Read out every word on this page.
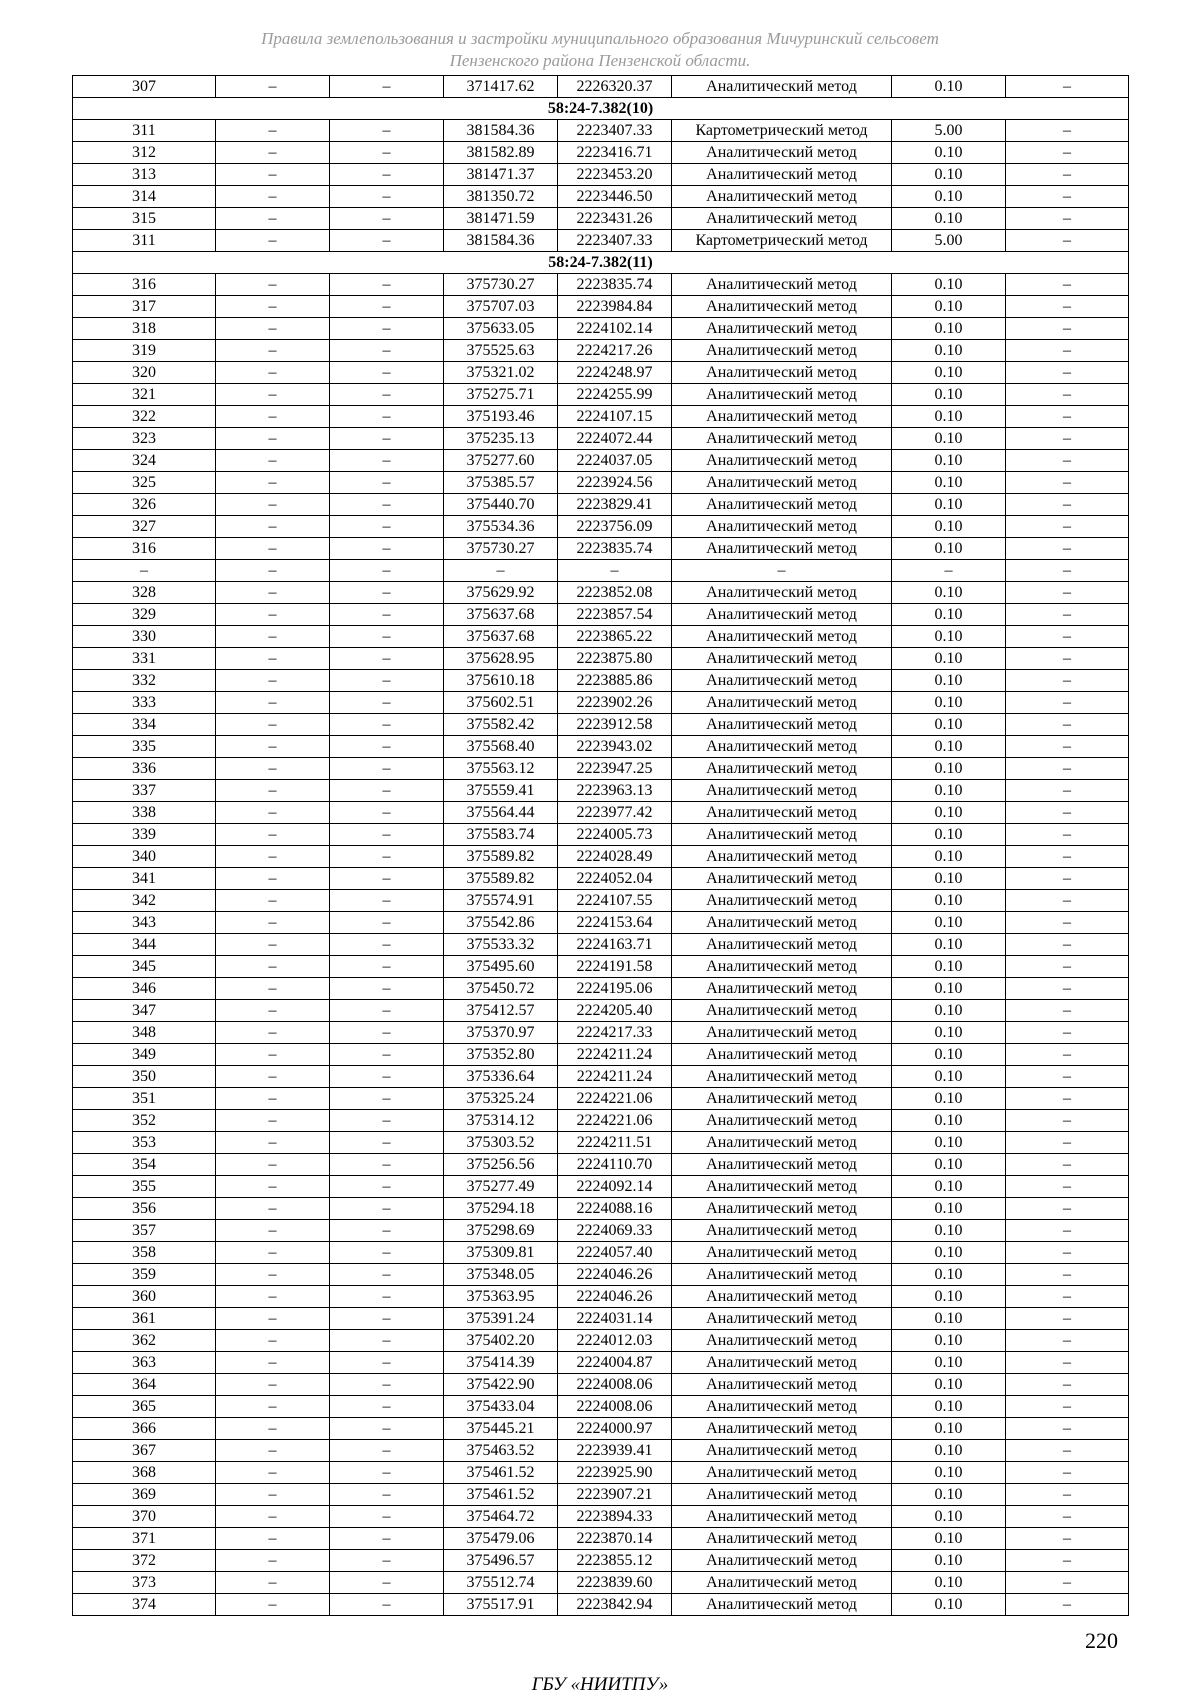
Правила землепользования и застройки муниципального образования Мичуринский сельсовет
Пензенского района Пензенской области.
307	–	–	371417.62	2226320.37	Аналитический метод	0.10	–
58:24-7.382(10)							
311	–	–	381584.36	2223407.33	Картометрический метод	5.00	–
312	–	–	381582.89	2223416.71	Аналитический метод	0.10	–
313	–	–	381471.37	2223453.20	Аналитический метод	0.10	–
314	–	–	381350.72	2223446.50	Аналитический метод	0.10	–
315	–	–	381471.59	2223431.26	Аналитический метод	0.10	–
311	–	–	381584.36	2223407.33	Картометрический метод	5.00	–
58:24-7.382(11)							
316	–	–	375730.27	2223835.74	Аналитический метод	0.10	–
317	–	–	375707.03	2223984.84	Аналитический метод	0.10	–
318	–	–	375633.05	2224102.14	Аналитический метод	0.10	–
319	–	–	375525.63	2224217.26	Аналитический метод	0.10	–
320	–	–	375321.02	2224248.97	Аналитический метод	0.10	–
321	–	–	375275.71	2224255.99	Аналитический метод	0.10	–
322	–	–	375193.46	2224107.15	Аналитический метод	0.10	–
323	–	–	375235.13	2224072.44	Аналитический метод	0.10	–
324	–	–	375277.60	2224037.05	Аналитический метод	0.10	–
325	–	–	375385.57	2223924.56	Аналитический метод	0.10	–
326	–	–	375440.70	2223829.41	Аналитический метод	0.10	–
327	–	–	375534.36	2223756.09	Аналитический метод	0.10	–
316	–	–	375730.27	2223835.74	Аналитический метод	0.10	–
–	–	–	–	–	–	–	–
328	–	–	375629.92	2223852.08	Аналитический метод	0.10	–
329	–	–	375637.68	2223857.54	Аналитический метод	0.10	–
330	–	–	375637.68	2223865.22	Аналитический метод	0.10	–
331	–	–	375628.95	2223875.80	Аналитический метод	0.10	–
332	–	–	375610.18	2223885.86	Аналитический метод	0.10	–
333	–	–	375602.51	2223902.26	Аналитический метод	0.10	–
334	–	–	375582.42	2223912.58	Аналитический метод	0.10	–
335	–	–	375568.40	2223943.02	Аналитический метод	0.10	–
336	–	–	375563.12	2223947.25	Аналитический метод	0.10	–
337	–	–	375559.41	2223963.13	Аналитический метод	0.10	–
338	–	–	375564.44	2223977.42	Аналитический метод	0.10	–
339	–	–	375583.74	2224005.73	Аналитический метод	0.10	–
340	–	–	375589.82	2224028.49	Аналитический метод	0.10	–
341	–	–	375589.82	2224052.04	Аналитический метод	0.10	–
342	–	–	375574.91	2224107.55	Аналитический метод	0.10	–
343	–	–	375542.86	2224153.64	Аналитический метод	0.10	–
344	–	–	375533.32	2224163.71	Аналитический метод	0.10	–
345	–	–	375495.60	2224191.58	Аналитический метод	0.10	–
346	–	–	375450.72	2224195.06	Аналитический метод	0.10	–
347	–	–	375412.57	2224205.40	Аналитический метод	0.10	–
348	–	–	375370.97	2224217.33	Аналитический метод	0.10	–
349	–	–	375352.80	2224211.24	Аналитический метод	0.10	–
350	–	–	375336.64	2224211.24	Аналитический метод	0.10	–
351	–	–	375325.24	2224221.06	Аналитический метод	0.10	–
352	–	–	375314.12	2224221.06	Аналитический метод	0.10	–
353	–	–	375303.52	2224211.51	Аналитический метод	0.10	–
354	–	–	375256.56	2224110.70	Аналитический метод	0.10	–
355	–	–	375277.49	2224092.14	Аналитический метод	0.10	–
356	–	–	375294.18	2224088.16	Аналитический метод	0.10	–
357	–	–	375298.69	2224069.33	Аналитический метод	0.10	–
358	–	–	375309.81	2224057.40	Аналитический метод	0.10	–
359	–	–	375348.05	2224046.26	Аналитический метод	0.10	–
360	–	–	375363.95	2224046.26	Аналитический метод	0.10	–
361	–	–	375391.24	2224031.14	Аналитический метод	0.10	–
362	–	–	375402.20	2224012.03	Аналитический метод	0.10	–
363	–	–	375414.39	2224004.87	Аналитический метод	0.10	–
364	–	–	375422.90	2224008.06	Аналитический метод	0.10	–
365	–	–	375433.04	2224008.06	Аналитический метод	0.10	–
366	–	–	375445.21	2224000.97	Аналитический метод	0.10	–
367	–	–	375463.52	2223939.41	Аналитический метод	0.10	–
368	–	–	375461.52	2223925.90	Аналитический метод	0.10	–
369	–	–	375461.52	2223907.21	Аналитический метод	0.10	–
370	–	–	375464.72	2223894.33	Аналитический метод	0.10	–
371	–	–	375479.06	2223870.14	Аналитический метод	0.10	–
372	–	–	375496.57	2223855.12	Аналитический метод	0.10	–
373	–	–	375512.74	2223839.60	Аналитический метод	0.10	–
374	–	–	375517.91	2223842.94	Аналитический метод	0.10	–
220
ГБУ «НИИТПУ»
